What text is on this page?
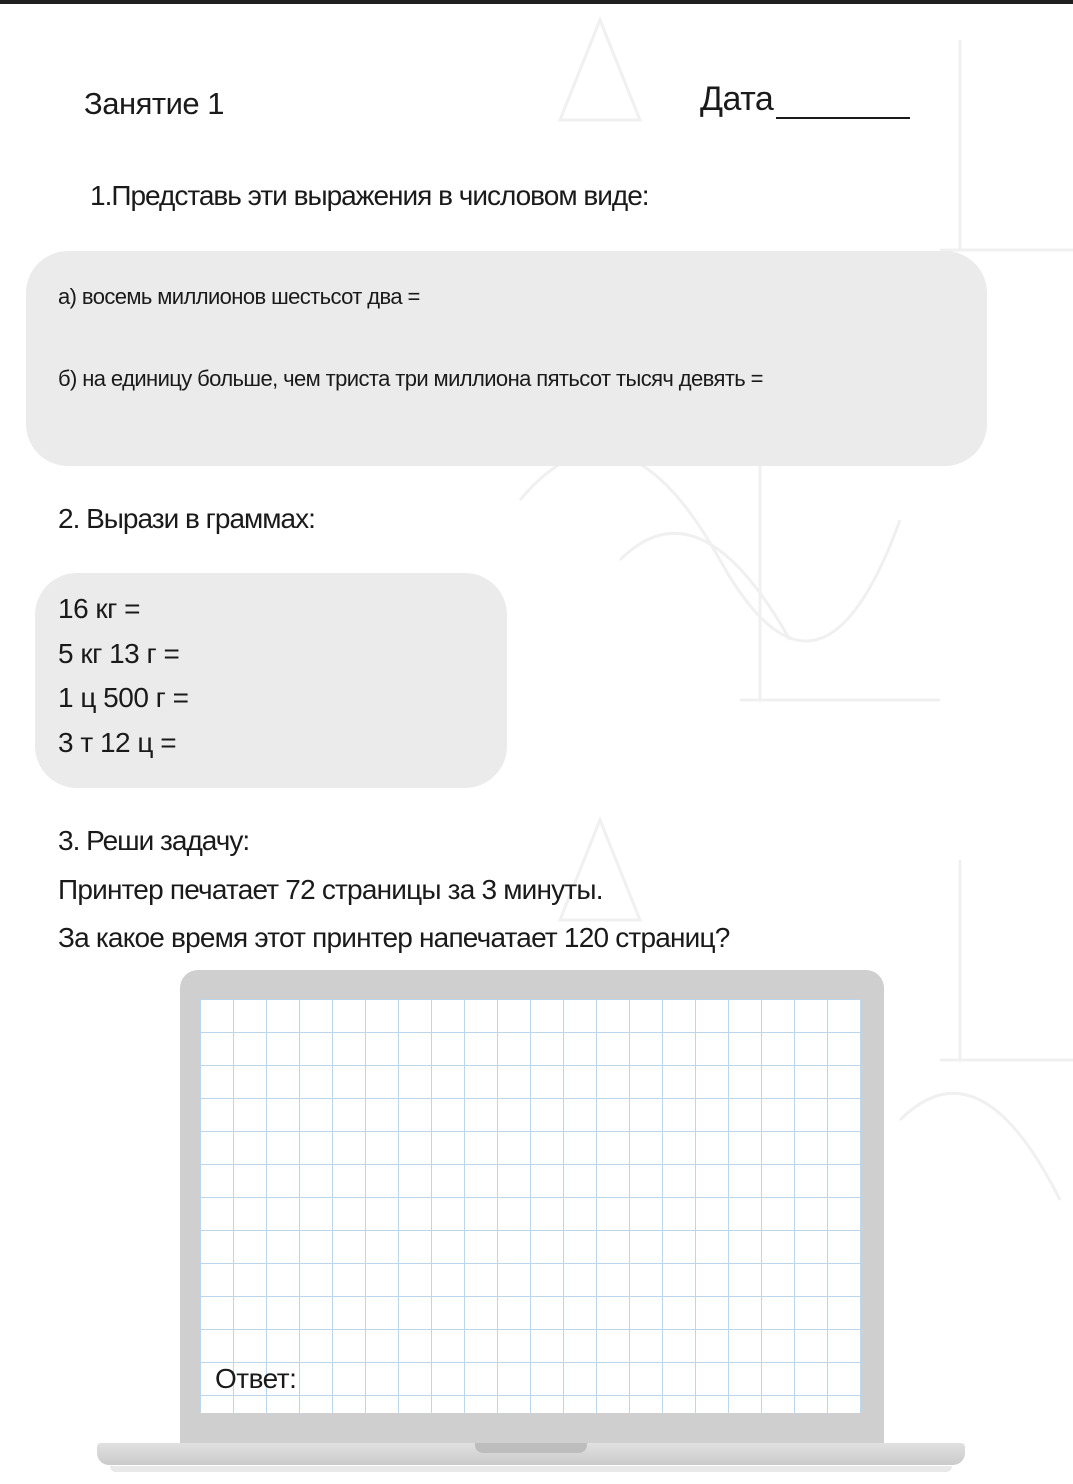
Занятие 1	Дата
1.Представь эти выражения в числовом виде:
а) восемь миллионов шестьсот два =
б) на единицу больше, чем триста три миллиона пятьсот тысяч девять =
2. Вырази в граммах:
16 кг =
5 кг 13 г =
1 ц 500 г =
3 т 12 ц =
3. Реши задачу:
Принтер печатает 72 страницы за 3 минуты.
За какое время этот принтер напечатает 120 страниц?
Ответ:
